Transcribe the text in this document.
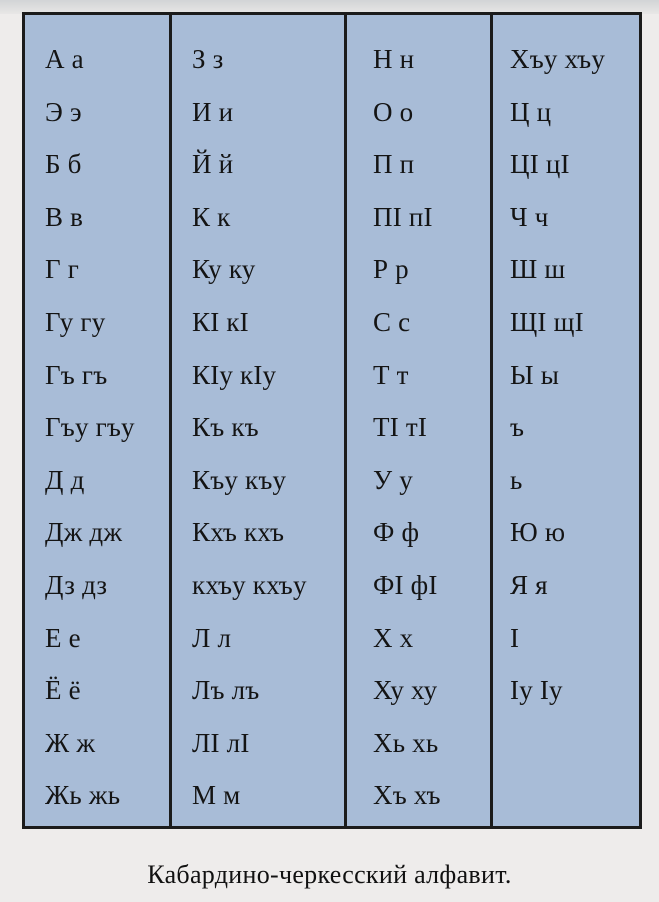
А а
Э э
Б б
В в
Г г
Гу гу
Гъ гъ
Гъу гъу
Д д
Дж дж
Дз дз
Е е
Ё ё
Ж ж
Жь жь
З з
И и
Й й
К к
Ку ку
КI кI
КIу кIу
Къ къ
Къу къу
Кхъ кхъ
кхъу кхъу
Л л
Лъ лъ
ЛI лI
М м
Н н
О о
П п
ПI пI
Р р
С с
Т т
ТI тI
У у
Ф ф
ФI фI
Х х
Ху ху
Хь хь
Хъ хъ
Хъу хъу
Ц ц
ЦI цI
Ч ч
Ш ш
ЩI щI
Ы ы
ъ
ь
Ю ю
Я я
I
Iу Iу
Кабардино-черкесский алфавит.
